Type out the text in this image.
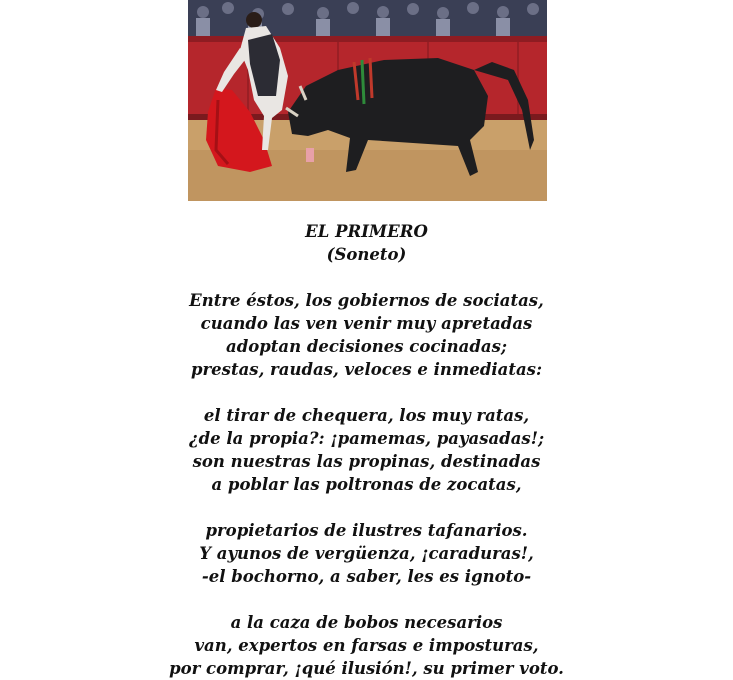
EL PRIMERO
(Soneto)
Entre éstos, los gobiernos de sociatas,
cuando las ven venir muy apretadas
adoptan decisiones cocinadas;
prestas, raudas, veloces e inmediatas:
el tirar de chequera, los muy ratas,
¿de la propia?: ¡pamemas, payasadas!;
son nuestras las propinas, destinadas
a poblar las poltronas de zocatas,
propietarios de ilustres tafanarios.
Y ayunos de vergüenza, ¡caraduras!,
-el bochorno, a saber, les es ignoto-
a la caza de bobos necesarios
van, expertos en farsas e imposturas,
por comprar, ¡qué ilusión!, su primer voto.
